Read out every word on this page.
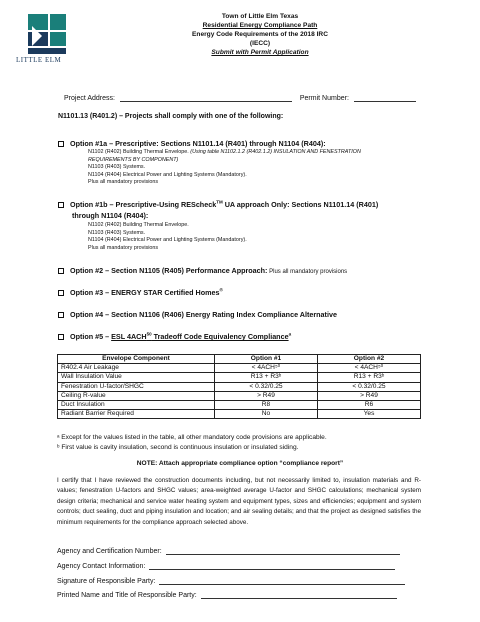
LITTLE ELM
Town of Little Elm Texas
Residential Energy Compliance Path
Energy Code Requirements of the 2018 IRC
(IECC)
Submit with Permit Application
Project Address:	Permit Number:
N1101.13 (R401.2) – Projects shall comply with one of the following:
Option #1a – Prescriptive: Sections N1101.14 (R401) through N1104 (R404):
N1102 (R402) Building Thermal Envelope. (Using table N1102.1.2 (R402.1.2) INSULATION AND FENESTRATION
REQUIREMENTS BY COMPONENT)
N1103 (R403) Systems.
N1104 (R404) Electrical Power and Lighting Systems (Mandatory).
Plus all mandatory provisions
Option #1b – Prescriptive-Using REScheck™ UA approach Only: Sections N1101.14 (R401)
through N1104 (R404):
N1102 (R402) Building Thermal Envelope.
N1103 (R403) Systems.
N1104 (R404) Electrical Power and Lighting Systems (Mandatory).
Plus all mandatory provisions
Option #2 – Section N1105 (R405) Performance Approach: Plus all mandatory provisions
Option #3 – ENERGY STAR Certified Homes®
Option #4 – Section N1106 (R406) Energy Rating Index Compliance Alternative
Option #5 – ESL 4ACH$^{50}$ Tradeoff Code Equivalency Compliance$^a$
Envelope Component	Option #1	Option #2
R402.4 Air Leakage	< 4ACH⁵⁰	< 4ACH⁵⁰
Wall Insulation Value	R13 + R3ᵇ	R13 + R3ᵇ
Fenestration U-factor/SHGC	< 0.32/0.25	< 0.32/0.25
Ceiling R-value	> R49	> R49
Duct Insulation	R8	R6
Radiant Barrier Required	No	Yes
ᵃ Except for the values listed in the table, all other mandatory code provisions are applicable.
ᵇ First value is cavity insulation, second is continuous insulation or insulated siding.
NOTE: Attach appropriate compliance option “compliance report”
I certify that I have reviewed the construction documents including, but not necessarily limited to, insulation materials and R-values; fenestration U-factors and SHGC values; area-weighted average U-factor and SHGC calculations; mechanical system design criteria; mechanical and service water heating system and equipment types, sizes and efficiencies; equipment and system controls; duct sealing, duct and piping insulation and location; and air sealing details; and that the project as designed satisfies the minimum requirements for the compliance approach selected above.
Agency and Certification Number:
Agency Contact Information:
Signature of Responsible Party:
Printed Name and Title of Responsible Party:
